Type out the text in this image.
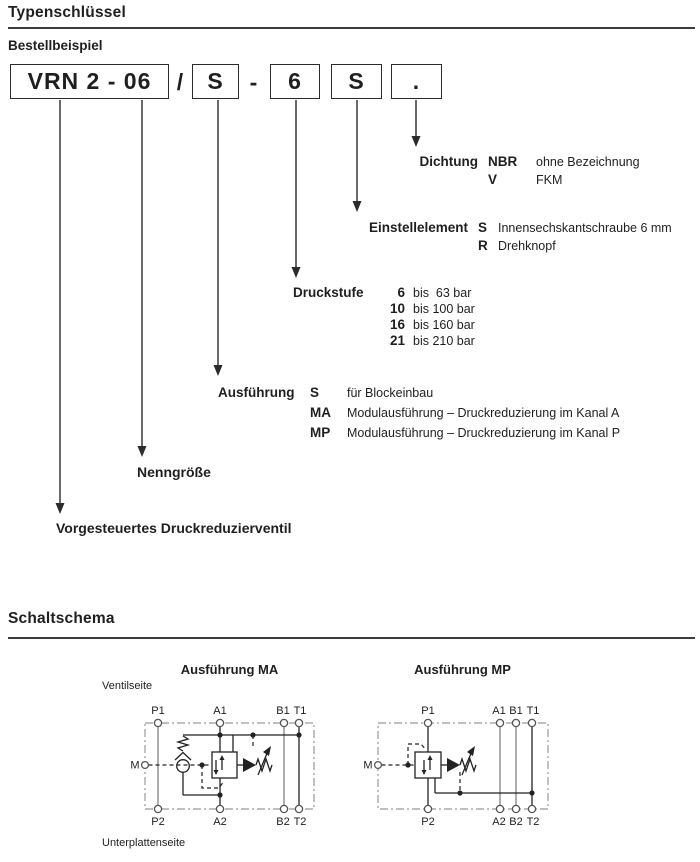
Typenschlüssel
Bestellbeispiel
VRN 2 - 06	/	S	-	6	S	.
Dichtung NBR	ohne Bezeichnung
V	FKM
Einstellelement S Innensechskantschraube 6 mm
R Drehknopf
Druckstufe	6 bis  63 bar
10 bis 100 bar
16 bis 160 bar
21 bis 210 bar
Ausführung	S	für Blockeinbau
MA	Modulausführung – Druckreduzierung im Kanal A
MP	Modulausführung – Druckreduzierung im Kanal P
Nenngröße
Vorgesteuertes Druckreduzierventil
Schaltschema
Ausführung MA	Ausführung MP
Ventilseite
Unterplattenseite
P1	A1	B1 T1
P2	A2	B2 T2
M
P1	A1 B1 T1
P2	A2 B2 T2
M
